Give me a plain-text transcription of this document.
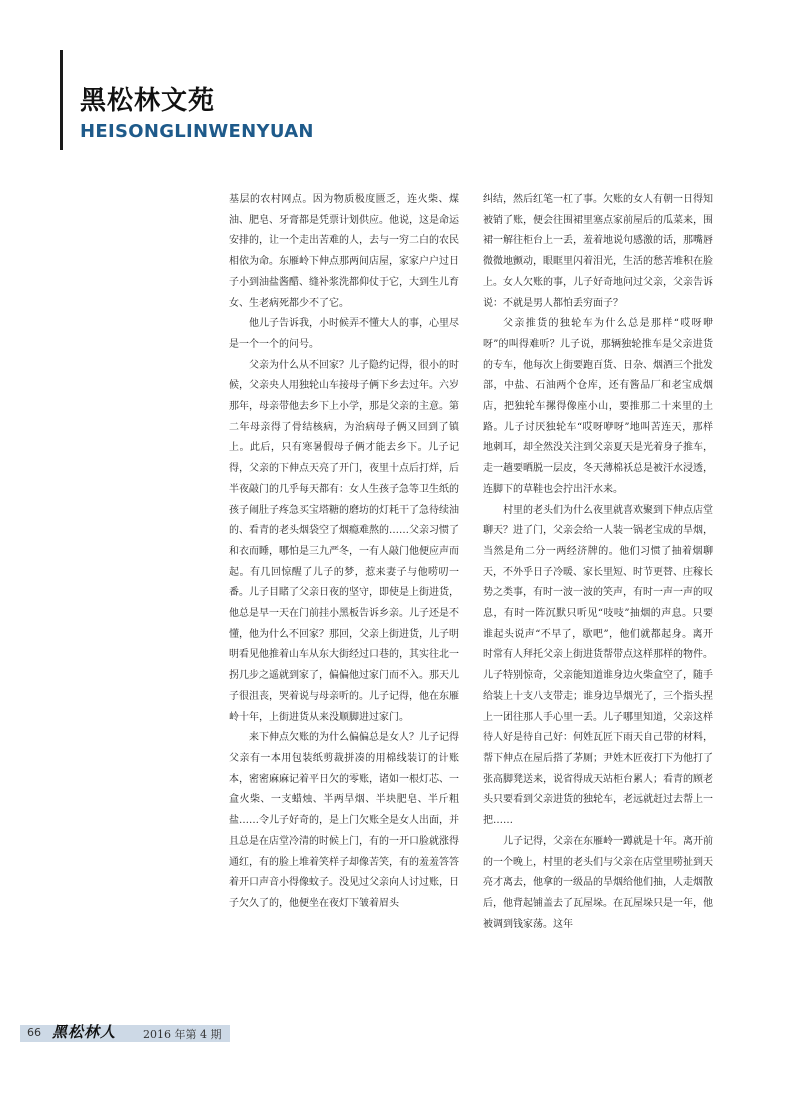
黑松林文苑
HEISONGLINWENYUAN

基层的农村网点。因为物质极度匮乏，连火柴、煤油、肥皂、牙膏都是凭票计划供应。他说，这是命运安排的，让一个走出苦难的人，去与一穷二白的农民相依为命。东雁岭下伸点那两间店屋，家家户户过日子小到油盐酱醋、缝补浆洗都仰仗于它，大到生儿育女、生老病死都少不了它。

他儿子告诉我，小时候弄不懂大人的事，心里尽是一个一个的问号。

父亲为什么从不回家？儿子隐约记得，很小的时候，父亲央人用独轮山车接母子俩下乡去过年。六岁那年，母亲带他去乡下上小学，那是父亲的主意。第二年母亲得了骨结核病，为治病母子俩又回到了镇上。此后，只有寒暑假母子俩才能去乡下。儿子记得，父亲的下伸点天亮了开门，夜里十点后打烊，后半夜敲门的几乎每天都有：女人生孩子急等卫生纸的孩子闹肚子疼急买宝塔糖的磨坊的灯耗干了急待续油的、看青的老头烟袋空了烟瘾难熬的……父亲习惯了和衣而睡，哪怕是三九严冬，一有人敲门他便应声而起。有几回惊醒了儿子的梦，惹来妻子与他唠叨一番。儿子目睹了父亲日夜的坚守，即使是上街进货，他总是早一天在门前挂小黑板告诉乡亲。儿子还是不懂，他为什么不回家？那回，父亲上街进货，儿子明明看见他推着山车从东大街经过口巷的，其实往北一拐几步之遥就到家了，偏偏他过家门而不入。那天儿子很沮丧，哭着说与母亲听的。儿子记得，他在东雁岭十年，上街进货从来没顺脚进过家门。

来下伸点欠账的为什么偏偏总是女人？儿子记得父亲有一本用包装纸剪裁拼凑的用棉线装订的计账本，密密麻麻记着平日欠的零账，诸如一根灯芯、一盒火柴、一支蜡烛、半两旱烟、半块肥皂、半斤粗盐……令儿子好奇的，是上门欠账全是女人出面，并且总是在店堂冷清的时候上门，有的一开口脸就涨得通红，有的脸上堆着笑样子却像苦笑，有的羞羞答答着开口声音小得像蚊子。没见过父亲向人讨过账，日子欠久了的，他便坐在夜灯下皱着眉头

纠结，然后红笔一杠了事。欠账的女人有朝一日得知被销了账，便会往围裙里塞点家前屋后的瓜菜来，围裙一解往柜台上一丢，羞着地说句感激的话，那嘴唇微微地颤动，眼眶里闪着泪光，生活的愁苦堆积在脸上。女人欠账的事，儿子好奇地问过父亲，父亲告诉说：不就是男人都怕丢穷面子？

父亲推货的独轮车为什么总是那样“哎呀咿呀”的叫得难听？儿子说，那辆独轮推车是父亲进货的专车，他每次上街要跑百货、日杂、烟酒三个批发部，中盐、石油两个仓库，还有酱品厂和老宝成烟店，把独轮车摞得像座小山，要推那二十来里的土路。儿子讨厌独轮车“哎呀咿呀”地叫苦连天，那样地刺耳，却全然没关注到父亲夏天是光着身子推车，走一趟要晒脱一层皮，冬天薄棉袄总是被汗水浸透，连脚下的草鞋也会拧出汗水来。

村里的老头们为什么夜里就喜欢聚到下伸点店堂聊天？进了门，父亲会给一人装一锅老宝成的旱烟，当然是角二分一两经济牌的。他们习惯了抽着烟聊天，不外乎日子冷暖、家长里短、时节更替、庄稼长势之类事，有时一波一波的笑声，有时一声一声的叹息，有时一阵沉默只听见“吱吱”抽烟的声息。只要谁起头说声“不早了，歇吧”，他们就都起身。离开时常有人拜托父亲上街进货帮带点这样那样的物件。儿子特别惊奇，父亲能知道谁身边火柴盒空了，随手给装上十支八支带走；谁身边旱烟光了，三个指头捏上一团往那人手心里一丢。儿子哪里知道，父亲这样待人好是待自己好：何姓瓦匠下雨天自己带的材料，帮下伸点在屋后搭了茅厕；尹姓木匠夜打下为他打了张高脚凳送来，说省得成天站柜台累人；看青的顾老头只要看到父亲进货的独轮车，老远就赶过去帮上一把……

儿子记得，父亲在东雁岭一蹲就是十年。离开前的一个晚上，村里的老头们与父亲在店堂里唠扯到天亮才离去，他拿的一级品的旱烟给他们抽，人走烟散后，他背起铺盖去了瓦屋垛。在瓦屋垛只是一年，他被调到钱家荡。这年

66 黑松林人 2016 年第 4 期
